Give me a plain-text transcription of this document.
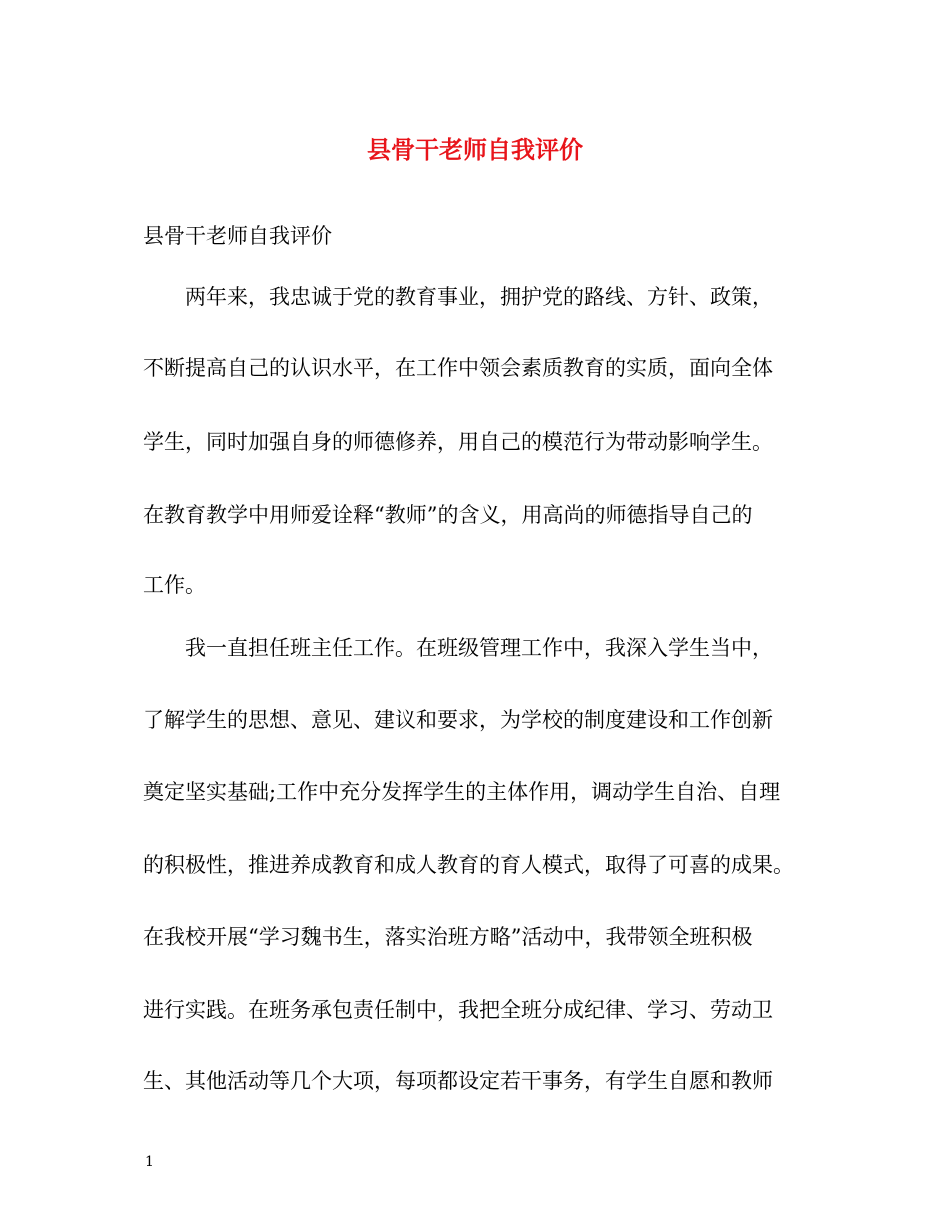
县骨干老师自我评价

县骨干老师自我评价

两年来，我忠诚于党的教育事业，拥护党的路线、方针、政策，

不断提高自己的认识水平，在工作中领会素质教育的实质，面向全体

学生，同时加强自身的师德修养，用自己的模范行为带动影响学生。

在教育教学中用师爱诠释“教师”的含义，用高尚的师德指导自己的

工作。

我一直担任班主任工作。在班级管理工作中，我深入学生当中，

了解学生的思想、意见、建议和要求，为学校的制度建设和工作创新

奠定坚实基础;工作中充分发挥学生的主体作用，调动学生自治、自理

的积极性，推进养成教育和成人教育的育人模式，取得了可喜的成果。

在我校开展“学习魏书生，落实治班方略”活动中，我带领全班积极

进行实践。在班务承包责任制中，我把全班分成纪律、学习、劳动卫

生、其他活动等几个大项，每项都设定若干事务，有学生自愿和教师

1
